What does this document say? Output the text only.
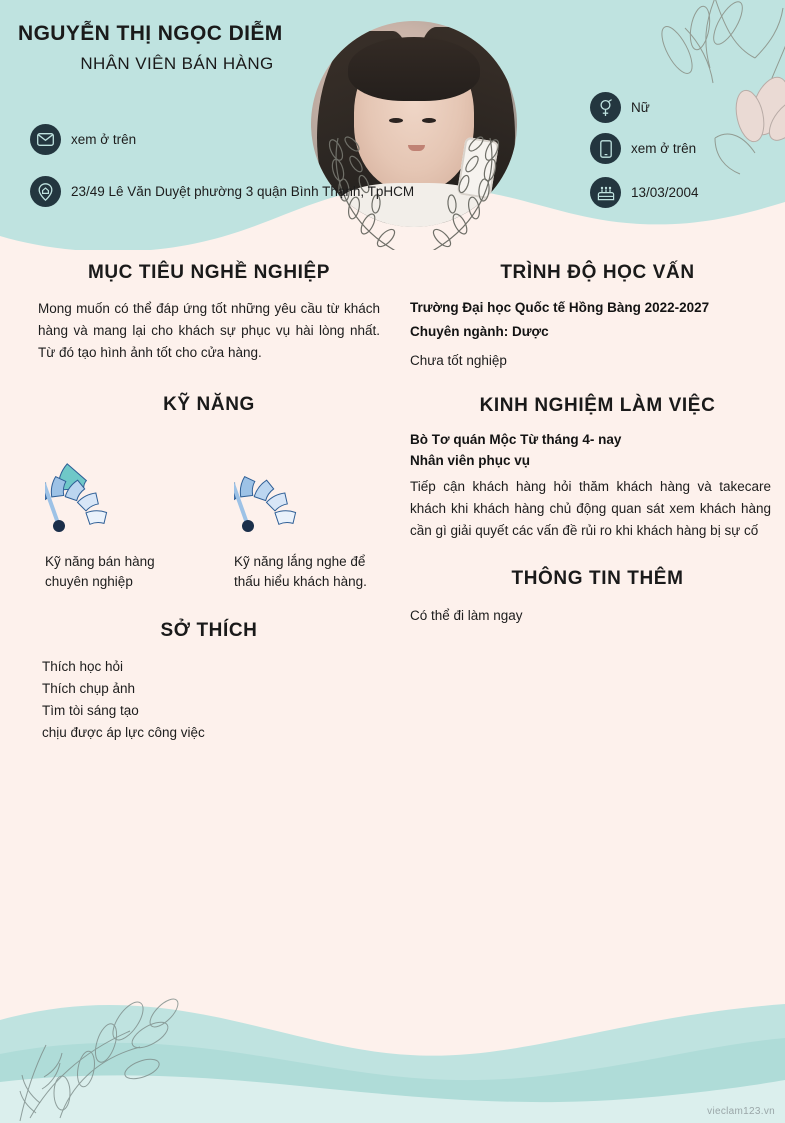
NGUYỄN THỊ NGỌC DIỄM
NHÂN VIÊN BÁN HÀNG
xem ở trên
23/49 Lê Văn Duyệt phường 3 quận Bình Thạnh, TpHCM
Nữ
xem ở trên
13/03/2004
MỤC TIÊU NGHỀ NGHIỆP

Mong muốn có thể đáp ứng tốt những yêu cầu từ khách hàng và mang lại cho khách sự phục vụ hài lòng nhất. Từ đó tạo hình ảnh tốt cho cửa hàng.

KỸ NĂNG
Kỹ năng bán hàng chuyên nghiệp
Kỹ năng lắng nghe để thấu hiểu khách hàng.
SỞ THÍCH
Thích học hỏi
Thích chụp ảnh
Tìm tòi sáng tạo
chịu được áp lực công việc
TRÌNH ĐỘ HỌC VẤN
Trường Đại học Quốc tế Hồng Bàng 2022-2027
Chuyên ngành: Dược
Chưa tốt nghiệp
KINH NGHIỆM LÀM VIỆC
Bò Tơ quán Mộc Từ tháng 4- nay
Nhân viên phục vụ

Tiếp cận khách hàng hỏi thăm khách hàng và takecare khách khi khách hàng chủ động quan sát xem khách hàng cần gì giải quyết các vấn đề rủi ro khi khách hàng bị sự cố

THÔNG TIN THÊM
Có thể đi làm ngay
vieclam123.vn
